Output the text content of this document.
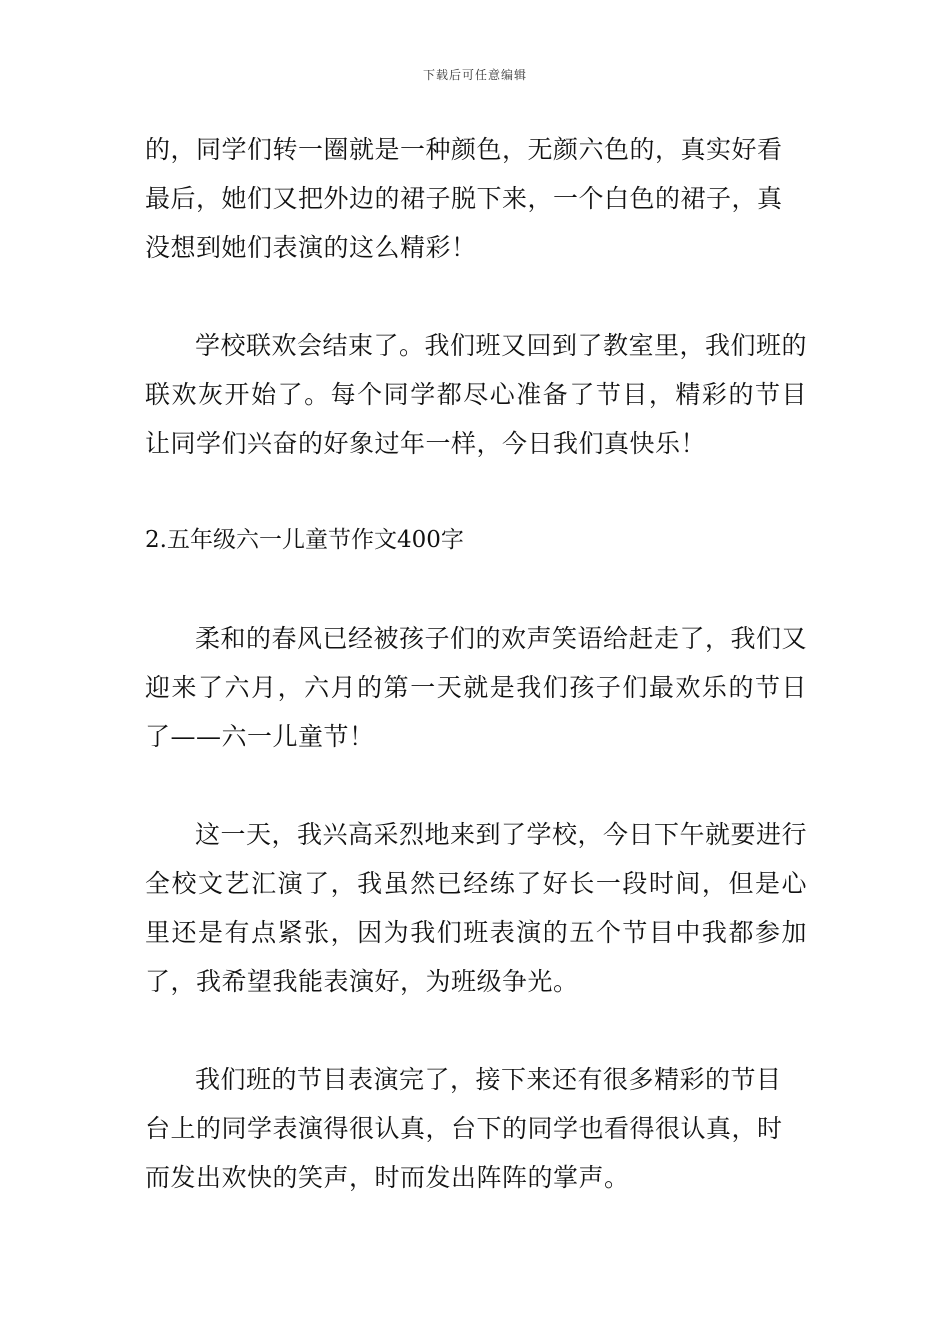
下载后可任意编辑
的，同学们转一圈就是一种颜色，无颜六色的，真实好看
最后，她们又把外边的裙子脱下来，一个白色的裙子，真
没想到她们表演的这么精彩！

学校联欢会结束了。我们班又回到了教室里，我们班的联欢灰开始了。每个同学都尽心准备了节目，精彩的节目让同学们兴奋的好象过年一样，今日我们真快乐！

2.五年级六一儿童节作文400字

柔和的春风已经被孩子们的欢声笑语给赶走了，我们又迎来了六月，六月的第一天就是我们孩子们最欢乐的节日了——六一儿童节！

这一天，我兴高采烈地来到了学校，今日下午就要进行全校文艺汇演了，我虽然已经练了好长一段时间，但是心里还是有点紧张，因为我们班表演的五个节目中我都参加了，我希望我能表演好，为班级争光。

我们班的节目表演完了，接下来还有很多精彩的节目
台上的同学表演得很认真，台下的同学也看得很认真，时
而发出欢快的笑声，时而发出阵阵的掌声。
